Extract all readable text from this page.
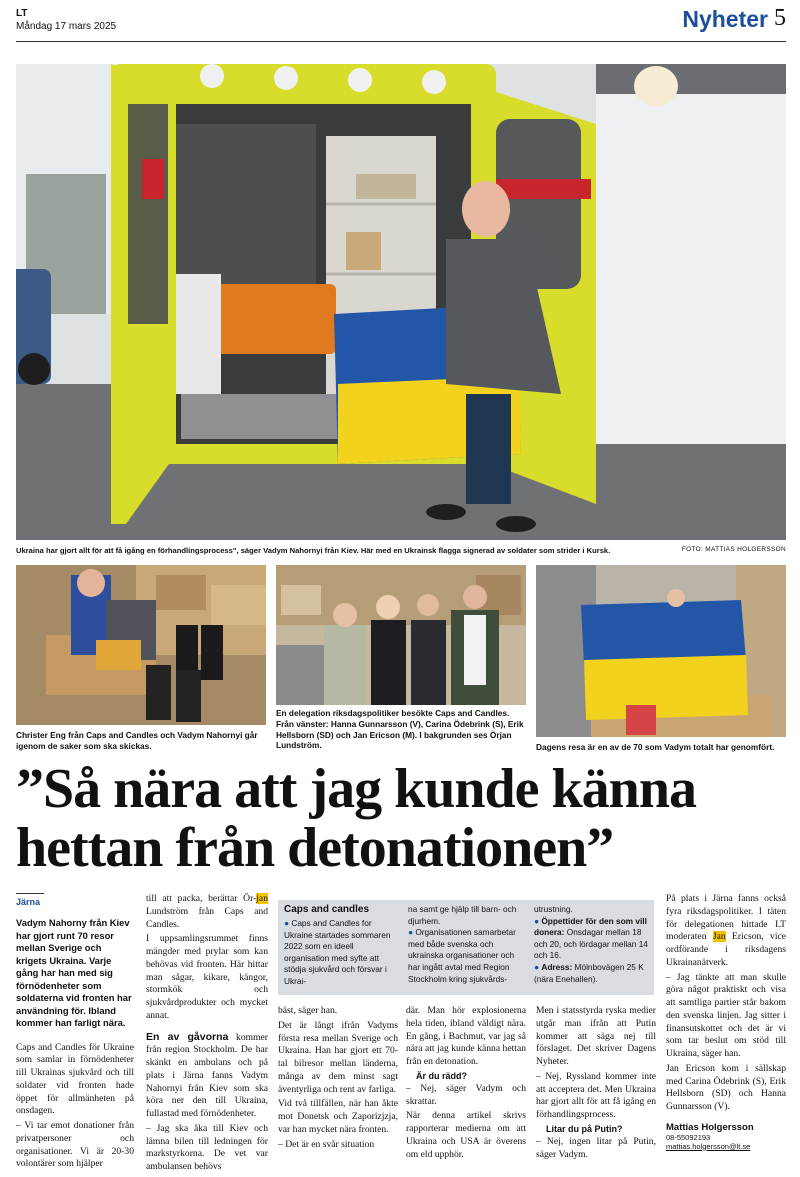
LT
Måndag 17 mars 2025	Nyheter 5
Ukraina har gjort allt för att få igång en förhandlingsprocess", säger Vadym Nahornyi från Kiev. Här med en Ukrainsk flagga signerad av soldater som strider i Kursk.	FOTO: MATTIAS HOLGERSSON
Christer Eng från Caps and Candles och Vadym Nahornyi går igenom de saker som ska skickas.
En delegation riksdagspolitiker besökte Caps and Candles. Från vänster: Hanna Gunnarsson (V), Carina Ödebrink (S), Erik Hellsborn (SD) och Jan Ericson (M). I bakgrunden ses Örjan Lundström.	Dagens resa är en av de 70 som Vadym totalt har genomfört.
”Så nära att jag kunde känna hettan från detonationen”
Järna
Vadym Nahorny från Kiev har gjort runt 70 resor mellan Sverige och krigets Ukraina. Varje gång har han med sig förnödenheter som soldaterna vid fronten har användning för. Ibland kommer han farligt nära.

Caps and Candles för Ukraine som samlar in förnödenheter till Ukrainas sjukvård och till soldater vid fronten hade öppet för allmänheten på onsdagen.

– Vi tar emot donationer från privatpersoner och organisationer. Vi är 20-30 volontärer som hjälper

till att packa, berättar Ör-jan Lundström från Caps and Candles.

I uppsamlingsrummet finns mängder med prylar som kan behövas vid fronten. Här hittar man sågar, kikare, kängor, stormkök och sjukvårdprodukter och mycket annat.

En av gåvorna kommer från region Stockholm. De har skänkt en ambulans och på plats i Järna fanns Vadym Nahornyi från Kiev som ska köra ner den till Ukraina, fullastad med förnödenheter.

– Jag ska åka till Kiev och lämna bilen till ledningen för markstyrkorna. De vet var ambulansen behövs

Caps and candles
● Caps and Candles for Ukraine startades sommaren 2022 som en ideell organisation med syfte att stödja sjukvård och försvar i Ukrai-
na samt ge hjälp till barn- och djurhem.
● Organisationen samarbetar med både svenska och ukrainska organisationer och har ingått avtal med Region Stockholm kring sjukvårds-
utrustning.
● Öppettider för den som vill donera: Onsdagar mellan 18 och 20, och lördagar mellan 14 och 16.
● Adress: Mölnbovägen 25 K (nära Enehallen).

bäst, säger han.

Det är långt ifrån Vadyms första resa mellan Sverige och Ukraina. Han har gjort ett 70-tal bilresor mellan länderna, många av dem minst sagt äventyrliga och rent av farliga.

Vid två tillfällen, när han åkte mot Donetsk och Zaporizjzja, var han mycket nära fronten.

– Det är en svår situation

där. Man hör explosionerna hela tiden, ibland väldigt nära. En gång, i Bachmut, var jag så nära att jag kunde känna hettan från en detonation.

Är du rädd?

– Nej, säger Vadym och skrattar.

När denna artikel skrivs rapporterar medierna om att Ukraina och USA är överens om eld upphör.

Men i statsstyrda ryska medier utgår man ifrån att Putin kommer att säga nej till förslaget. Det skriver Dagens Nyheter.

– Nej, Ryssland kommer inte att acceptera det. Men Ukraina har gjort allt för att få igång en förhandlingsprocess.

Litar du på Putin?

– Nej, ingen litar på Putin, säger Vadym.

På plats i Järna fanns också fyra riksdagspolitiker. I täten för delegationen hittade LT moderaten Jan Ericson, vice ordförande i riksdagens Ukrainanätverk.

– Jag tänkte att man skulle göra något praktiskt och visa att samtliga partier står bakom den svenska linjen. Jag sitter i finansutskottet och det är vi som tar beslut om stöd till Ukraina, säger han.

Jan Ericson kom i sällskap med Carina Ödebrink (S), Erik Hellsborn (SD) och Hanna Gunnarsson (V).

Mattias Holgersson
08-55092193
mattias.holgersson@lt.se
